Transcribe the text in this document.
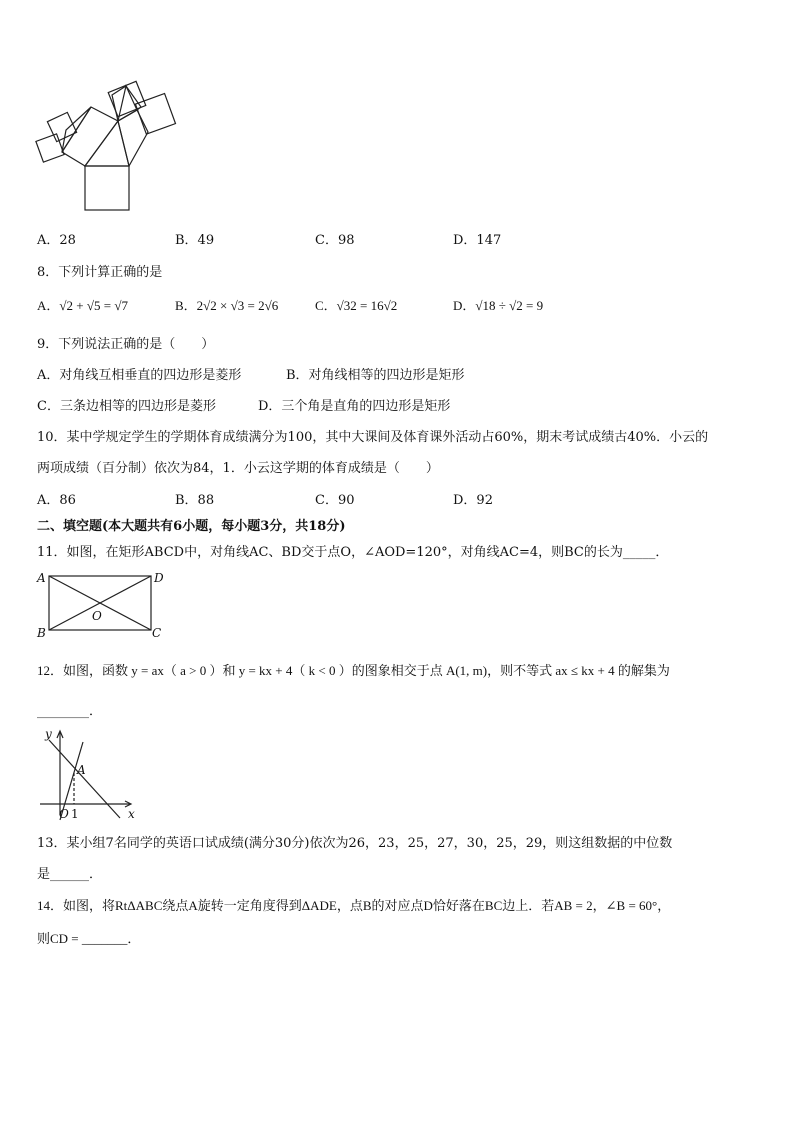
A．28	B．49	C．98	D．147
8．下列计算正确的是
A．√2 + √5 = √7	B．2√2 × √3 = 2√6	C．√32 = 16√2	D．√18 ÷ √2 = 9
9．下列说法正确的是（　　）
A．对角线互相垂直的四边形是菱形	B．对角线相等的四边形是矩形
C．三条边相等的四边形是菱形	D．三个角是直角的四边形是矩形
10．某中学规定学生的学期体育成绩满分为100，其中大课间及体育课外活动占60%，期末考试成绩古40%．小云的
两项成绩（百分制）依次为84，1．小云这学期的体育成绩是（　　）
A．86	B．88	C．90	D．92
二、填空题(本大题共有6小题，每小题3分，共18分)
11．如图，在矩形ABCD中，对角线AC、BD交于点O，∠AOD=120°，对角线AC=4，则BC的长为_____．
A	D
O
B	C
12．如图，函数 y = ax（ a > 0 ）和 y = kx + 4（ k < 0 ）的图象相交于点 A(1, m)，则不等式 ax ≤ kx + 4 的解集为
________．
y
A
O 1	x
13．某小组7名同学的英语口试成绩(满分30分)依次为26，23，25，27，30，25，29，则这组数据的中位数
是______．
14．如图，将RtΔABC绕点A旋转一定角度得到ΔADE，点B的对应点D恰好落在BC边上．若AB = 2，∠B = 60°，
则CD = _______．
